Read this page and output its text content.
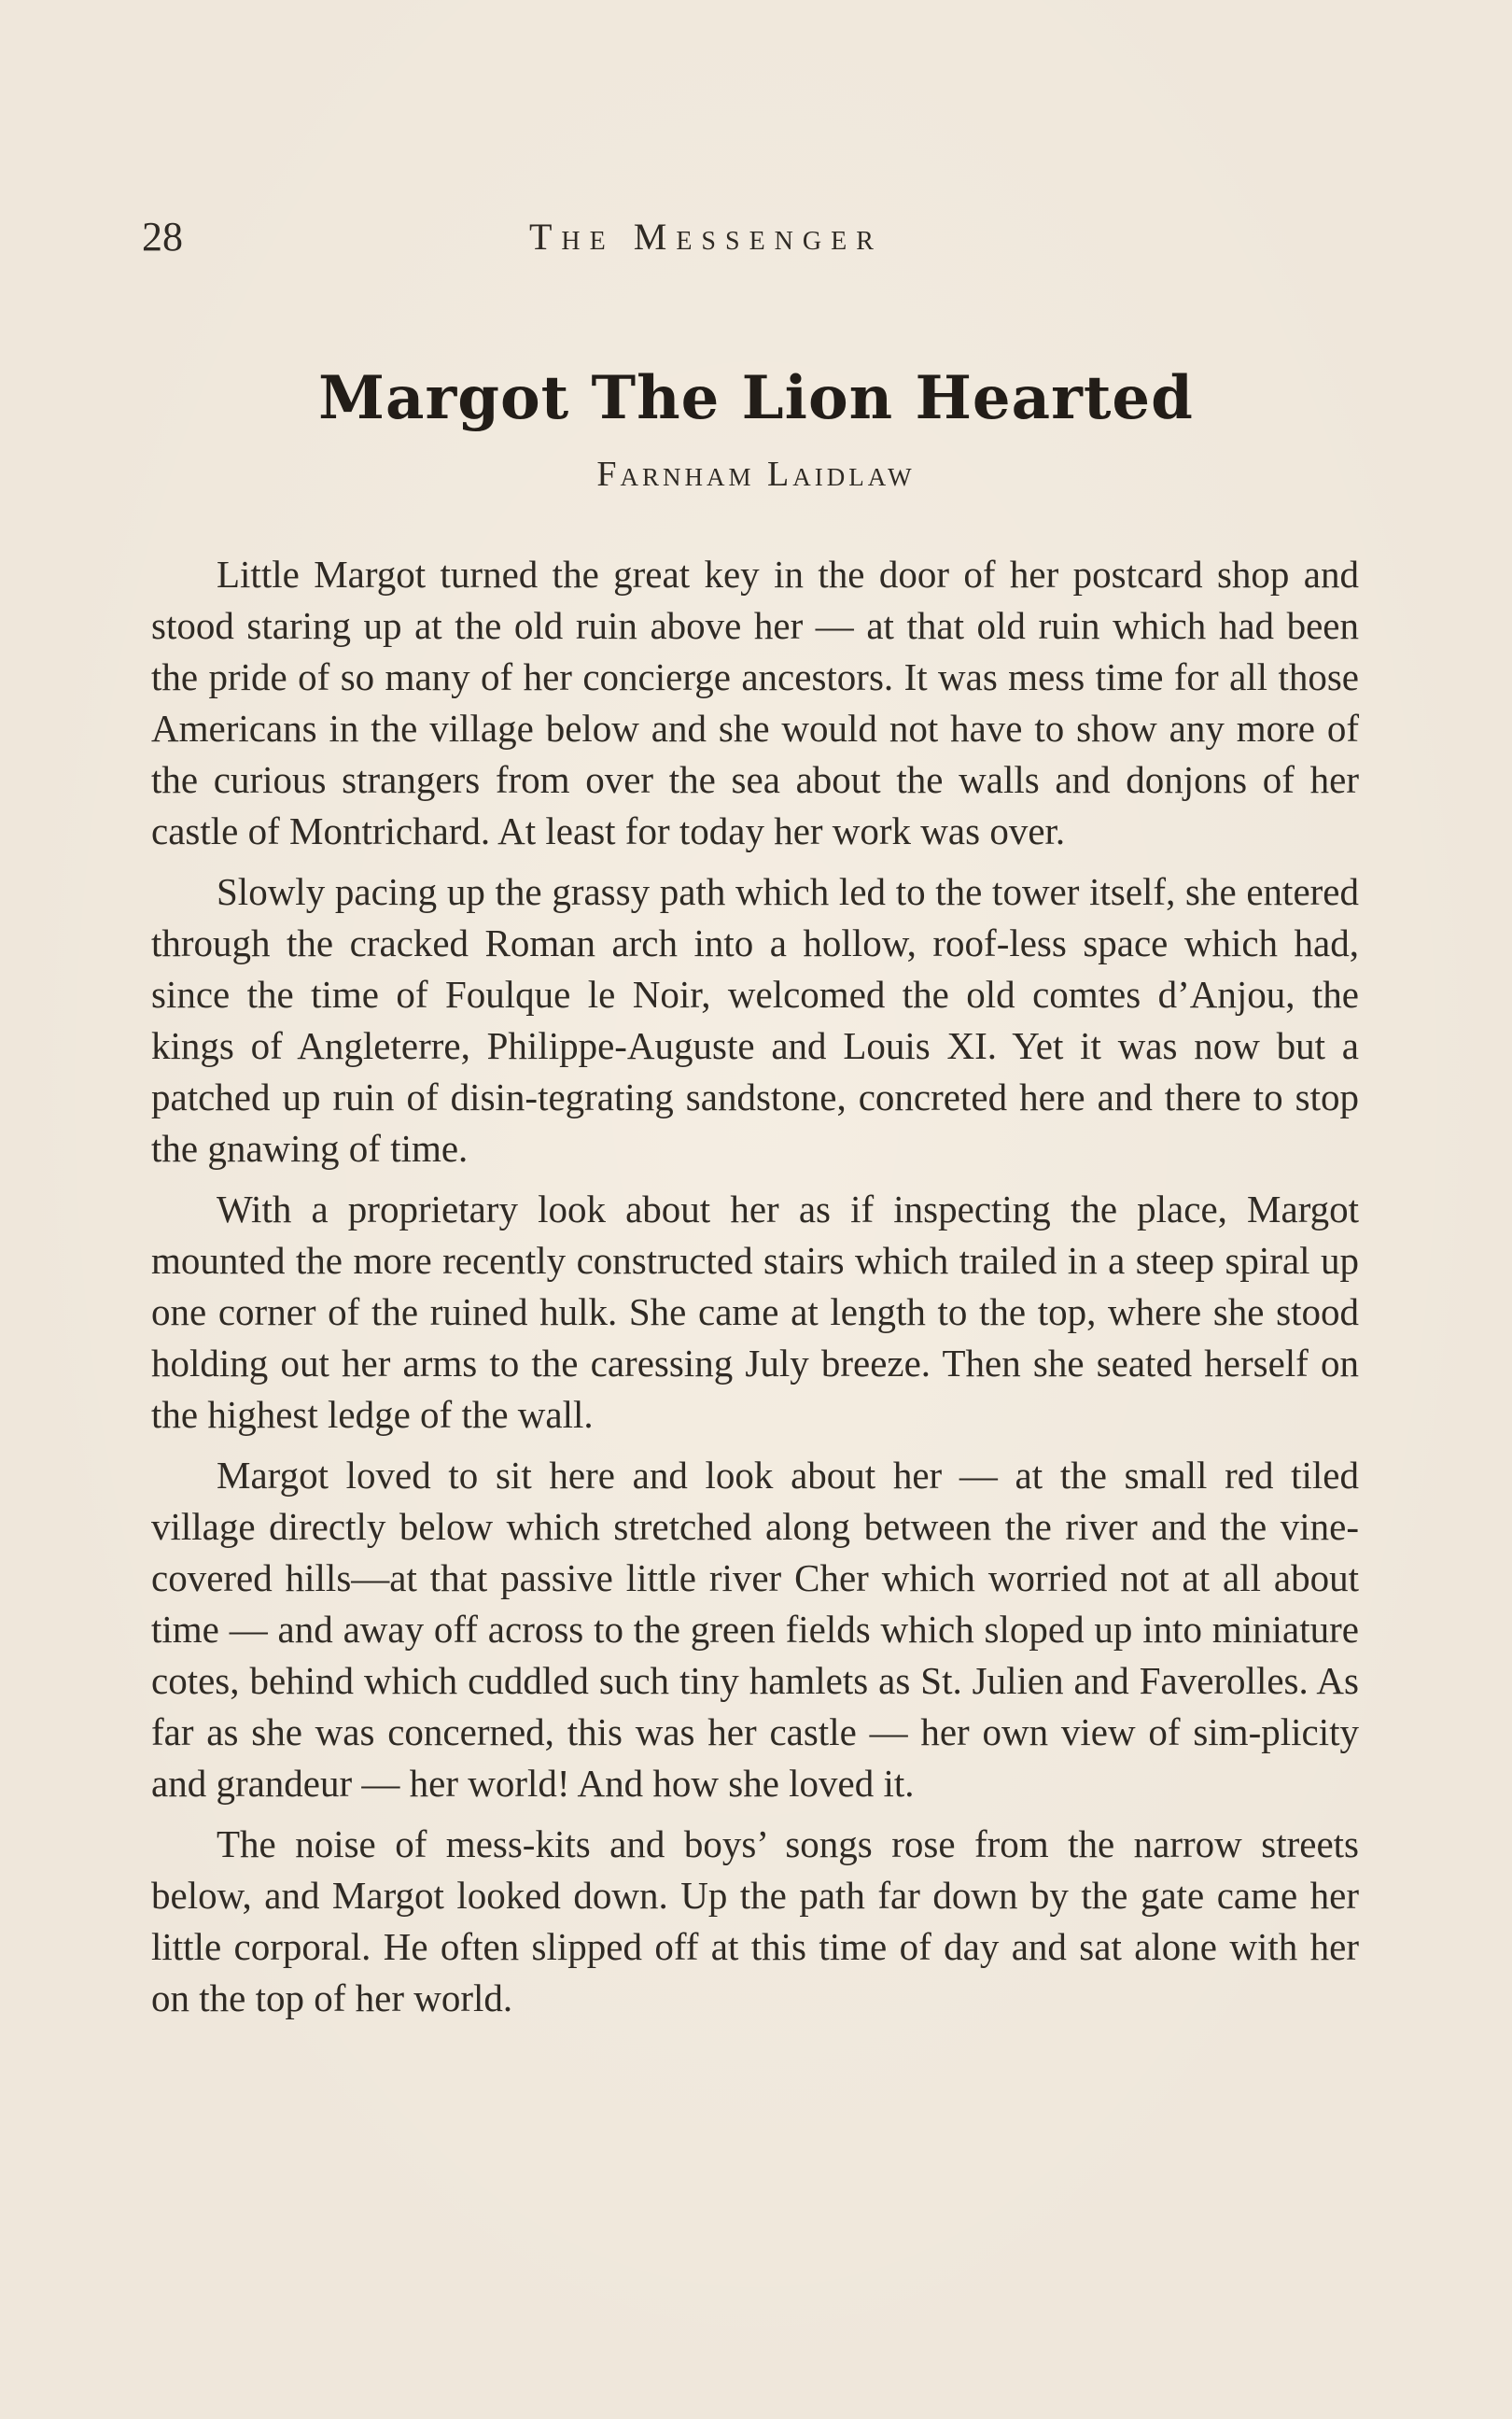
28	The Messenger
Margot The Lion Hearted
Farnham Laidlaw

Little Margot turned the great key in the door of her postcard shop and stood staring up at the old ruin above her — at that old ruin which had been the pride of so many of her concierge ancestors. It was mess time for all those Americans in the village below and she would not have to show any more of the curious strangers from over the sea about the walls and donjons of her castle of Montrichard. At least for today her work was over.

Slowly pacing up the grassy path which led to the tower itself, she entered through the cracked Roman arch into a hollow, roof-less space which had, since the time of Foulque le Noir, welcomed the old comtes d’Anjou, the kings of Angleterre, Philippe-Auguste and Louis XI. Yet it was now but a patched up ruin of disin-tegrating sandstone, concreted here and there to stop the gnawing of time.

With a proprietary look about her as if inspecting the place, Margot mounted the more recently constructed stairs which trailed in a steep spiral up one corner of the ruined hulk. She came at length to the top, where she stood holding out her arms to the caressing July breeze. Then she seated herself on the highest ledge of the wall.

Margot loved to sit here and look about her — at the small red tiled village directly below which stretched along between the river and the vine-covered hills—at that passive little river Cher which worried not at all about time — and away off across to the green fields which sloped up into miniature cotes, behind which cuddled such tiny hamlets as St. Julien and Faverolles. As far as she was concerned, this was her castle — her own view of sim-plicity and grandeur — her world! And how she loved it.

The noise of mess-kits and boys’ songs rose from the narrow streets below, and Margot looked down. Up the path far down by the gate came her little corporal. He often slipped off at this time of day and sat alone with her on the top of her world.
